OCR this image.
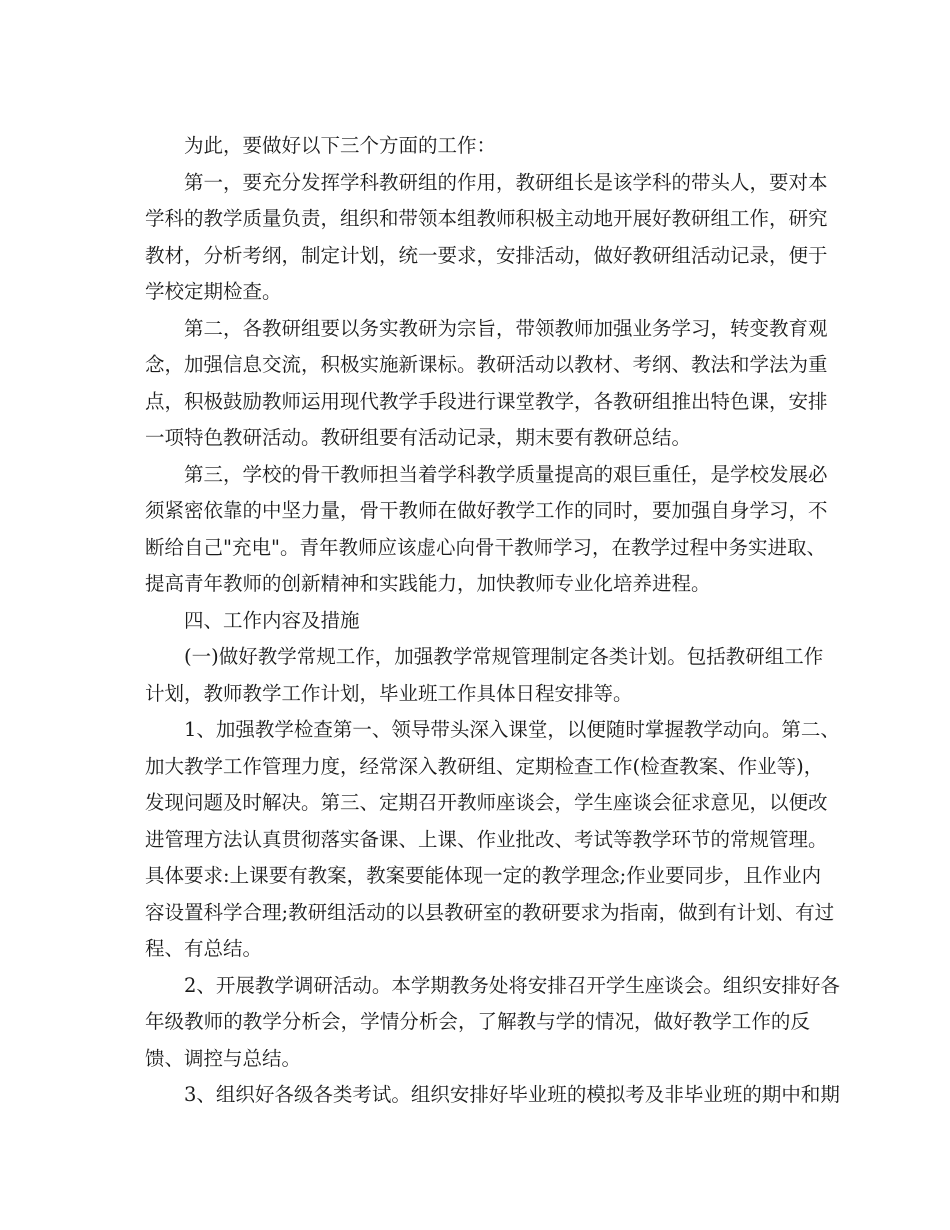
为此，要做好以下三个方面的工作：
第一，要充分发挥学科教研组的作用，教研组长是该学科的带头人，要对本
学科的教学质量负责，组织和带领本组教师积极主动地开展好教研组工作，研究
教材，分析考纲，制定计划，统一要求，安排活动，做好教研组活动记录，便于
学校定期检查。
第二，各教研组要以务实教研为宗旨，带领教师加强业务学习，转变教育观
念，加强信息交流，积极实施新课标。教研活动以教材、考纲、教法和学法为重
点，积极鼓励教师运用现代教学手段进行课堂教学，各教研组推出特色课，安排
一项特色教研活动。教研组要有活动记录，期末要有教研总结。
第三，学校的骨干教师担当着学科教学质量提高的艰巨重任，是学校发展必
须紧密依靠的中坚力量，骨干教师在做好教学工作的同时，要加强自身学习，不
断给自己"充电"。青年教师应该虚心向骨干教师学习，在教学过程中务实进取、
提高青年教师的创新精神和实践能力，加快教师专业化培养进程。
四、工作内容及措施
(一)做好教学常规工作，加强教学常规管理制定各类计划。包括教研组工作
计划，教师教学工作计划，毕业班工作具体日程安排等。
1、加强教学检查第一、领导带头深入课堂，以便随时掌握教学动向。第二、
加大教学工作管理力度，经常深入教研组、定期检查工作(检查教案、作业等)，
发现问题及时解决。第三、定期召开教师座谈会，学生座谈会征求意见，以便改
进管理方法认真贯彻落实备课、上课、作业批改、考试等教学环节的常规管理。
具体要求:上课要有教案，教案要能体现一定的教学理念;作业要同步，且作业内
容设置科学合理;教研组活动的以县教研室的教研要求为指南，做到有计划、有过
程、有总结。
2、开展教学调研活动。本学期教务处将安排召开学生座谈会。组织安排好各
年级教师的教学分析会，学情分析会，了解教与学的情况，做好教学工作的反
馈、调控与总结。
3、组织好各级各类考试。组织安排好毕业班的模拟考及非毕业班的期中和期
